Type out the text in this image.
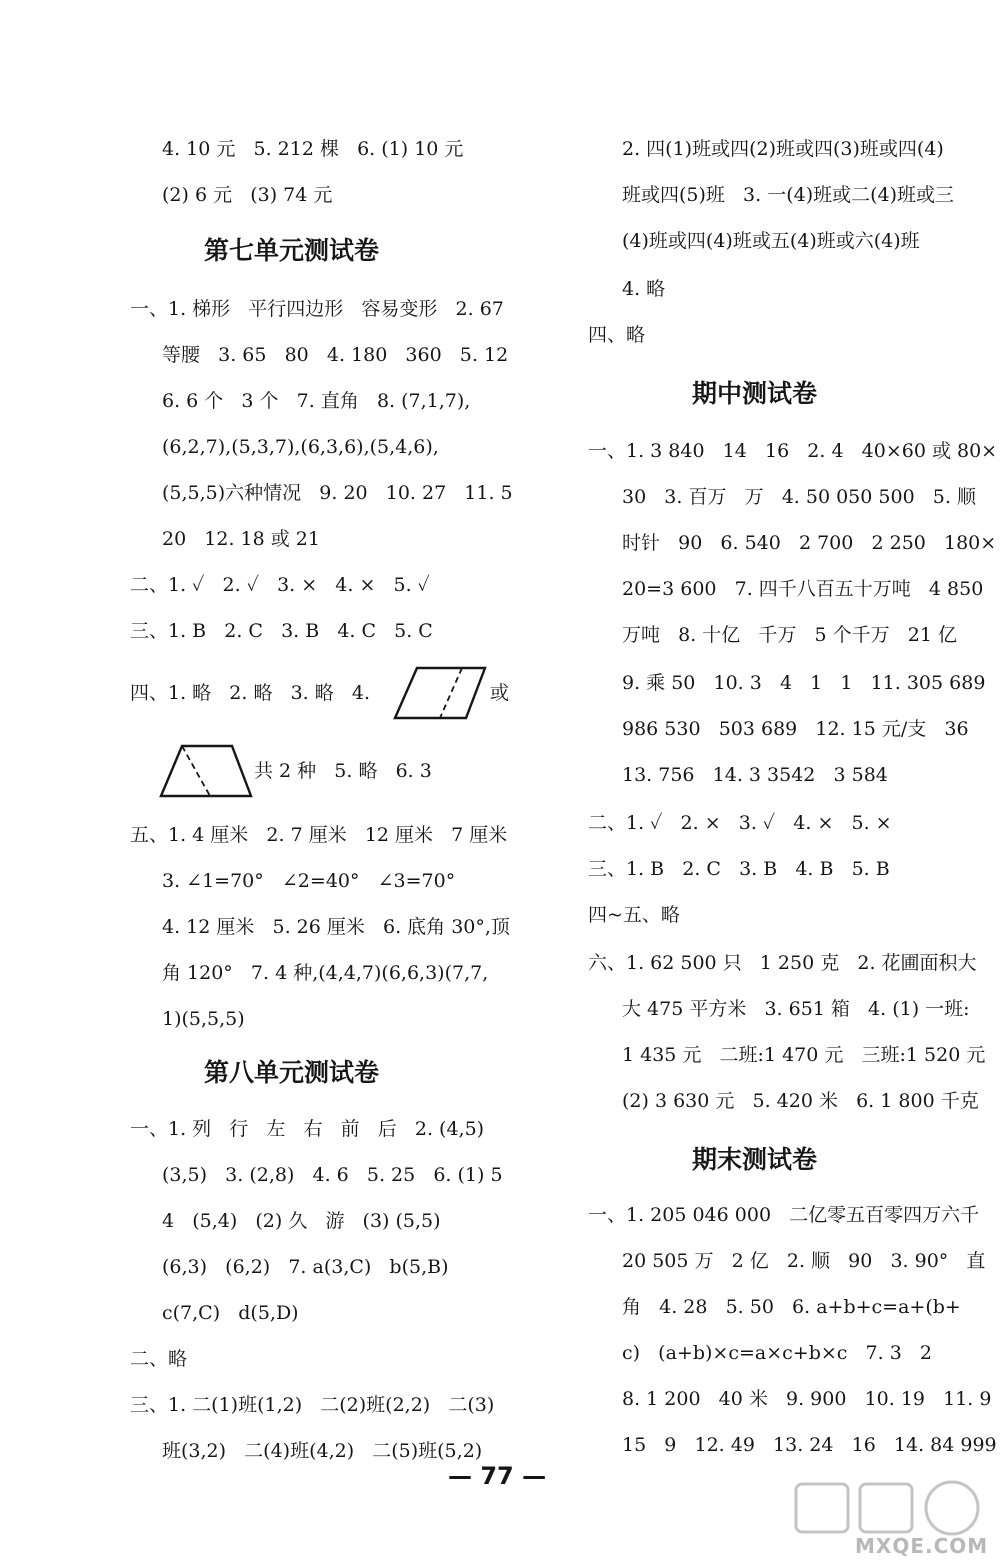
4. 10 元   5. 212 棵   6. (1) 10 元
(2) 6 元   (3) 74 元
第七单元测试卷
一、1. 梯形   平行四边形   容易变形   2. 67
等腰   3. 65   80   4. 180   360   5. 12
6. 6 个   3 个   7. 直角   8. (7,1,7),
(6,2,7),(5,3,7),(6,3,6),(5,4,6),
(5,5,5)六种情况   9. 20   10. 27   11. 5
20   12. 18 或 21
二、1. ✓   2. ✓   3. ×   4. ×   5. ✓
三、1. B   2. C   3. B   4. C   5. C
四、1. 略   2. 略   3. 略   4.	或
共 2 种   5. 略   6. 3
五、1. 4 厘米   2. 7 厘米   12 厘米   7 厘米
3. ∠1=70°   ∠2=40°   ∠3=70°
4. 12 厘米   5. 26 厘米   6. 底角 30°,顶
角 120°   7. 4 种,(4,4,7)(6,6,3)(7,7,
1)(5,5,5)
第八单元测试卷
一、1. 列   行   左   右   前   后   2. (4,5)
(3,5)   3. (2,8)   4. 6   5. 25   6. (1) 5
4   (5,4)   (2) 久   游   (3) (5,5)
(6,3)   (6,2)   7. a(3,C)   b(5,B)
c(7,C)   d(5,D)
二、略
三、1. 二(1)班(1,2)   二(2)班(2,2)   二(3)
班(3,2)   二(4)班(4,2)   二(5)班(5,2)
2. 四(1)班或四(2)班或四(3)班或四(4)
班或四(5)班   3. 一(4)班或二(4)班或三
(4)班或四(4)班或五(4)班或六(4)班
4. 略
四、略
期中测试卷
一、1. 3 840   14   16   2. 4   40×60 或 80×
30   3. 百万   万   4. 50 050 500   5. 顺
时针   90   6. 540   2 700   2 250   180×
20=3 600   7. 四千八百五十万吨   4 850
万吨   8. 十亿   千万   5 个千万   21 亿
9. 乘 50   10. 3   4   1   1   11. 305 689
986 530   503 689   12. 15 元/支   36
13. 756   14. 3 3542   3 584
二、1. ✓   2. ×   3. ✓   4. ×   5. ×
三、1. B   2. C   3. B   4. B   5. B
四~五、略
六、1. 62 500 只   1 250 克   2. 花圃面积大
大 475 平方米   3. 651 箱   4. (1) 一班:
1 435 元   二班:1 470 元   三班:1 520 元
(2) 3 630 元   5. 420 米   6. 1 800 千克
期末测试卷
一、1. 205 046 000   二亿零五百零四万六千
20 505 万   2 亿   2. 顺   90   3. 90°   直
角   4. 28   5. 50   6. a+b+c=a+(b+
c)   (a+b)×c=a×c+b×c   7. 3   2
8. 1 200   40 米   9. 900   10. 19   11. 9
15   9   12. 49   13. 24   16   14. 84 999
— 77 —
MXQE.COM
